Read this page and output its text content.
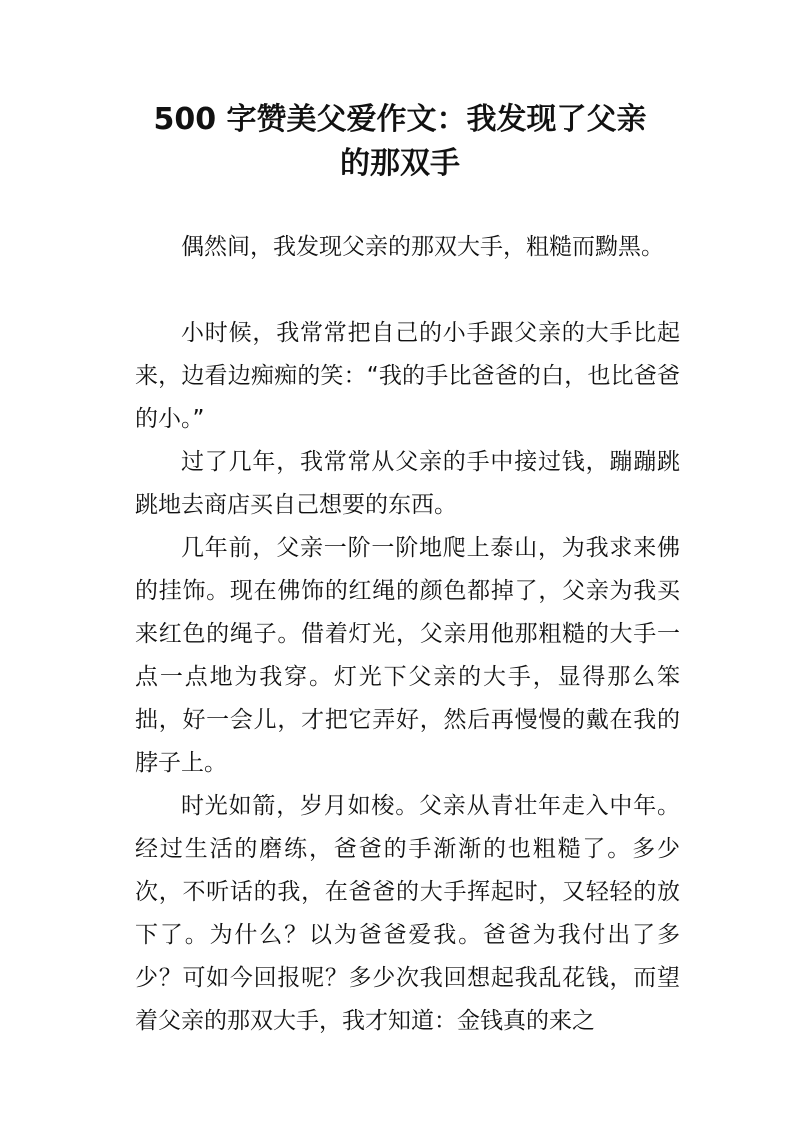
500 字赞美父爱作文：我发现了父亲
的那双手

偶然间，我发现父亲的那双大手，粗糙而黝黑。

小时候，我常常把自己的小手跟父亲的大手比起来，边看边痴痴的笑：“我的手比爸爸的白，也比爸爸的小。”

过了几年，我常常从父亲的手中接过钱，蹦蹦跳跳地去商店买自己想要的东西。

几年前，父亲一阶一阶地爬上泰山，为我求来佛的挂饰。现在佛饰的红绳的颜色都掉了，父亲为我买来红色的绳子。借着灯光，父亲用他那粗糙的大手一点一点地为我穿。灯光下父亲的大手，显得那么笨拙，好一会儿，才把它弄好，然后再慢慢的戴在我的脖子上。

时光如箭，岁月如梭。父亲从青壮年走入中年。经过生活的磨练，爸爸的手渐渐的也粗糙了。多少次，不听话的我，在爸爸的大手挥起时，又轻轻的放下了。为什么？以为爸爸爱我。爸爸为我付出了多少？可如今回报呢？多少次我回想起我乱花钱，而望着父亲的那双大手，我才知道：金钱真的来之
